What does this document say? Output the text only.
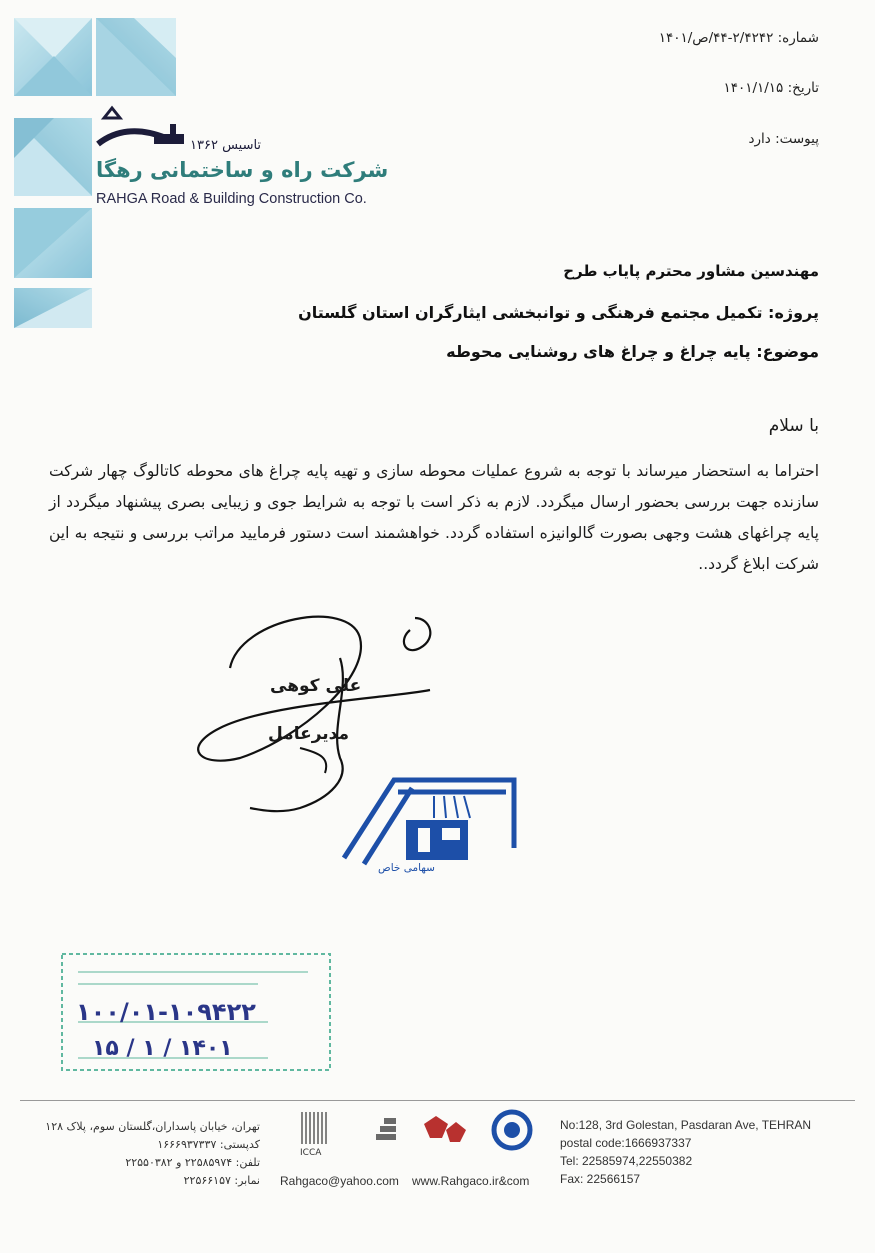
تاسیس ۱۳۶۲
شرکت راه و ساختمانی رهگا
RAHGA Road & Building Construction Co.
شماره: ۲/۴۲۴۲-۴۴/ص/۱۴۰۱
تاریخ: ۱۴۰۱/۱/۱۵
پیوست: دارد
مهندسین مشاور محترم پایاب طرح
پروژه: تکمیل مجتمع فرهنگی و توانبخشی ایثارگران استان گلستان
موضوع: پایه چراغ و چراغ های روشنایی محوطه
با سلام
احتراما به استحضار میرساند با توجه به شروع عملیات محوطه سازی و تهیه پایه چراغ های محوطه کاتالوگ چهار شرکت سازنده جهت بررسی بحضور ارسال میگردد. لازم به ذکر است با توجه به شرایط جوی و زیبایی بصری پیشنهاد میگردد از پایه چراغهای هشت وجهی بصورت گالوانیزه استفاده گردد. خواهشمند است دستور فرمایید مراتب بررسی و نتیجه به این شرکت ابلاغ گردد..
علی کوهی
مدیرعامل
سهامی خاص
۱۰۰/۰۱-۱۰۹۴۲۲
۱۴۰۱ / ۱ / ۱۵
تهران، خیابان پاسداران،گلستان سوم، پلاک ۱۲۸
کدپستی: ۱۶۶۶۹۳۷۳۳۷
تلفن: ۲۲۵۸۵۹۷۴ و ۲۲۵۵۰۳۸۲
نمابر: ۲۲۵۶۶۱۵۷
ICCA
Rahgaco@yahoo.com www.Rahgaco.ir&com
No:128, 3rd Golestan, Pasdaran Ave, TEHRAN
postal code:1666937337
Tel: 22585974,22550382
Fax: 22566157
